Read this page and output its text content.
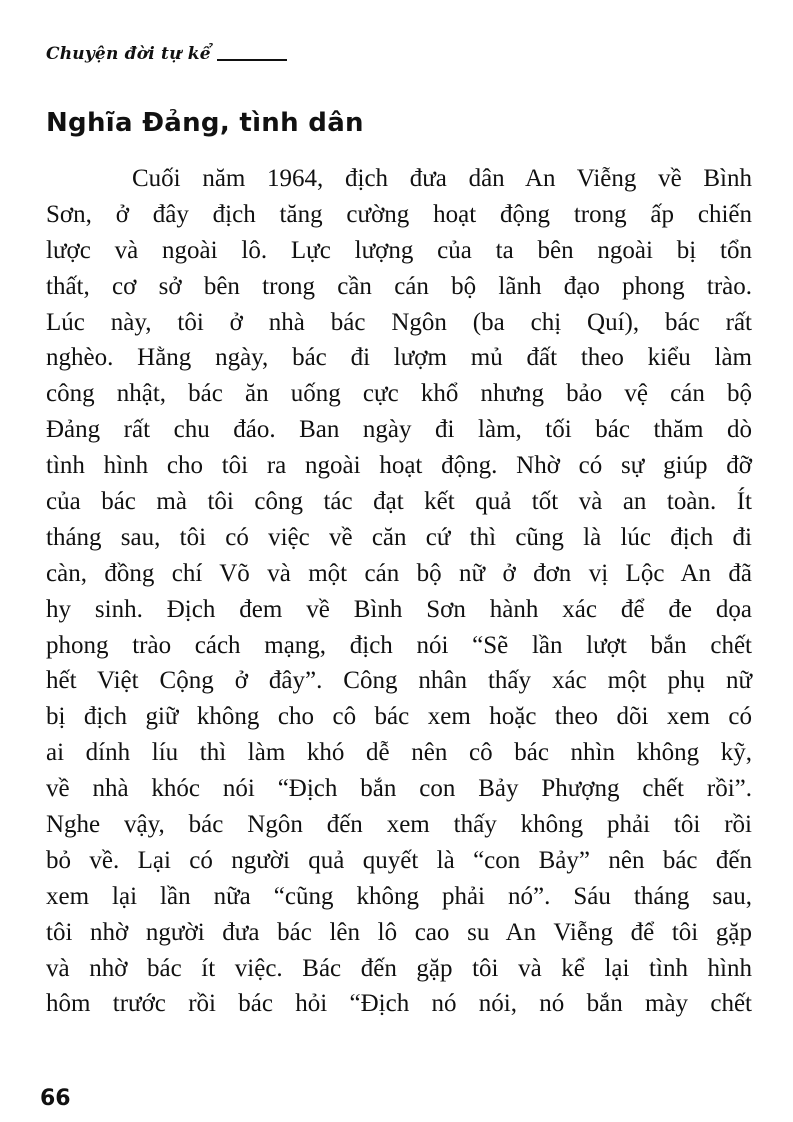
Chuyện đời tự kể
Nghĩa Đảng, tình dân
Cuối năm 1964, địch đưa dân An Viễng về Bình
Sơn, ở đây địch tăng cường hoạt động trong ấp chiến
lược và ngoài lô. Lực lượng của ta bên ngoài bị tổn
thất, cơ sở bên trong cần cán bộ lãnh đạo phong trào.
Lúc này, tôi ở nhà bác Ngôn (ba chị Quí), bác rất
nghèo. Hằng ngày, bác đi lượm mủ đất theo kiểu làm
công nhật, bác ăn uống cực khổ nhưng bảo vệ cán bộ
Đảng rất chu đáo. Ban ngày đi làm, tối bác thăm dò
tình hình cho tôi ra ngoài hoạt động. Nhờ có sự giúp đỡ
của bác mà tôi công tác đạt kết quả tốt và an toàn. Ít
tháng sau, tôi có việc về căn cứ thì cũng là lúc địch đi
càn, đồng chí Võ và một cán bộ nữ ở đơn vị Lộc An đã
hy sinh. Địch đem về Bình Sơn hành xác để đe dọa
phong trào cách mạng, địch nói “Sẽ lần lượt bắn chết
hết Việt Cộng ở đây”. Công nhân thấy xác một phụ nữ
bị địch giữ không cho cô bác xem hoặc theo dõi xem có
ai dính líu thì làm khó dễ nên cô bác nhìn không kỹ,
về nhà khóc nói “Địch bắn con Bảy Phượng chết rồi”.
Nghe vậy, bác Ngôn đến xem thấy không phải tôi rồi
bỏ về. Lại có người quả quyết là “con Bảy” nên bác đến
xem lại lần nữa “cũng không phải nó”. Sáu tháng sau,
tôi nhờ người đưa bác lên lô cao su An Viễng để tôi gặp
và nhờ bác ít việc. Bác đến gặp tôi và kể lại tình hình
hôm trước rồi bác hỏi “Địch nó nói, nó bắn mày chết
66
